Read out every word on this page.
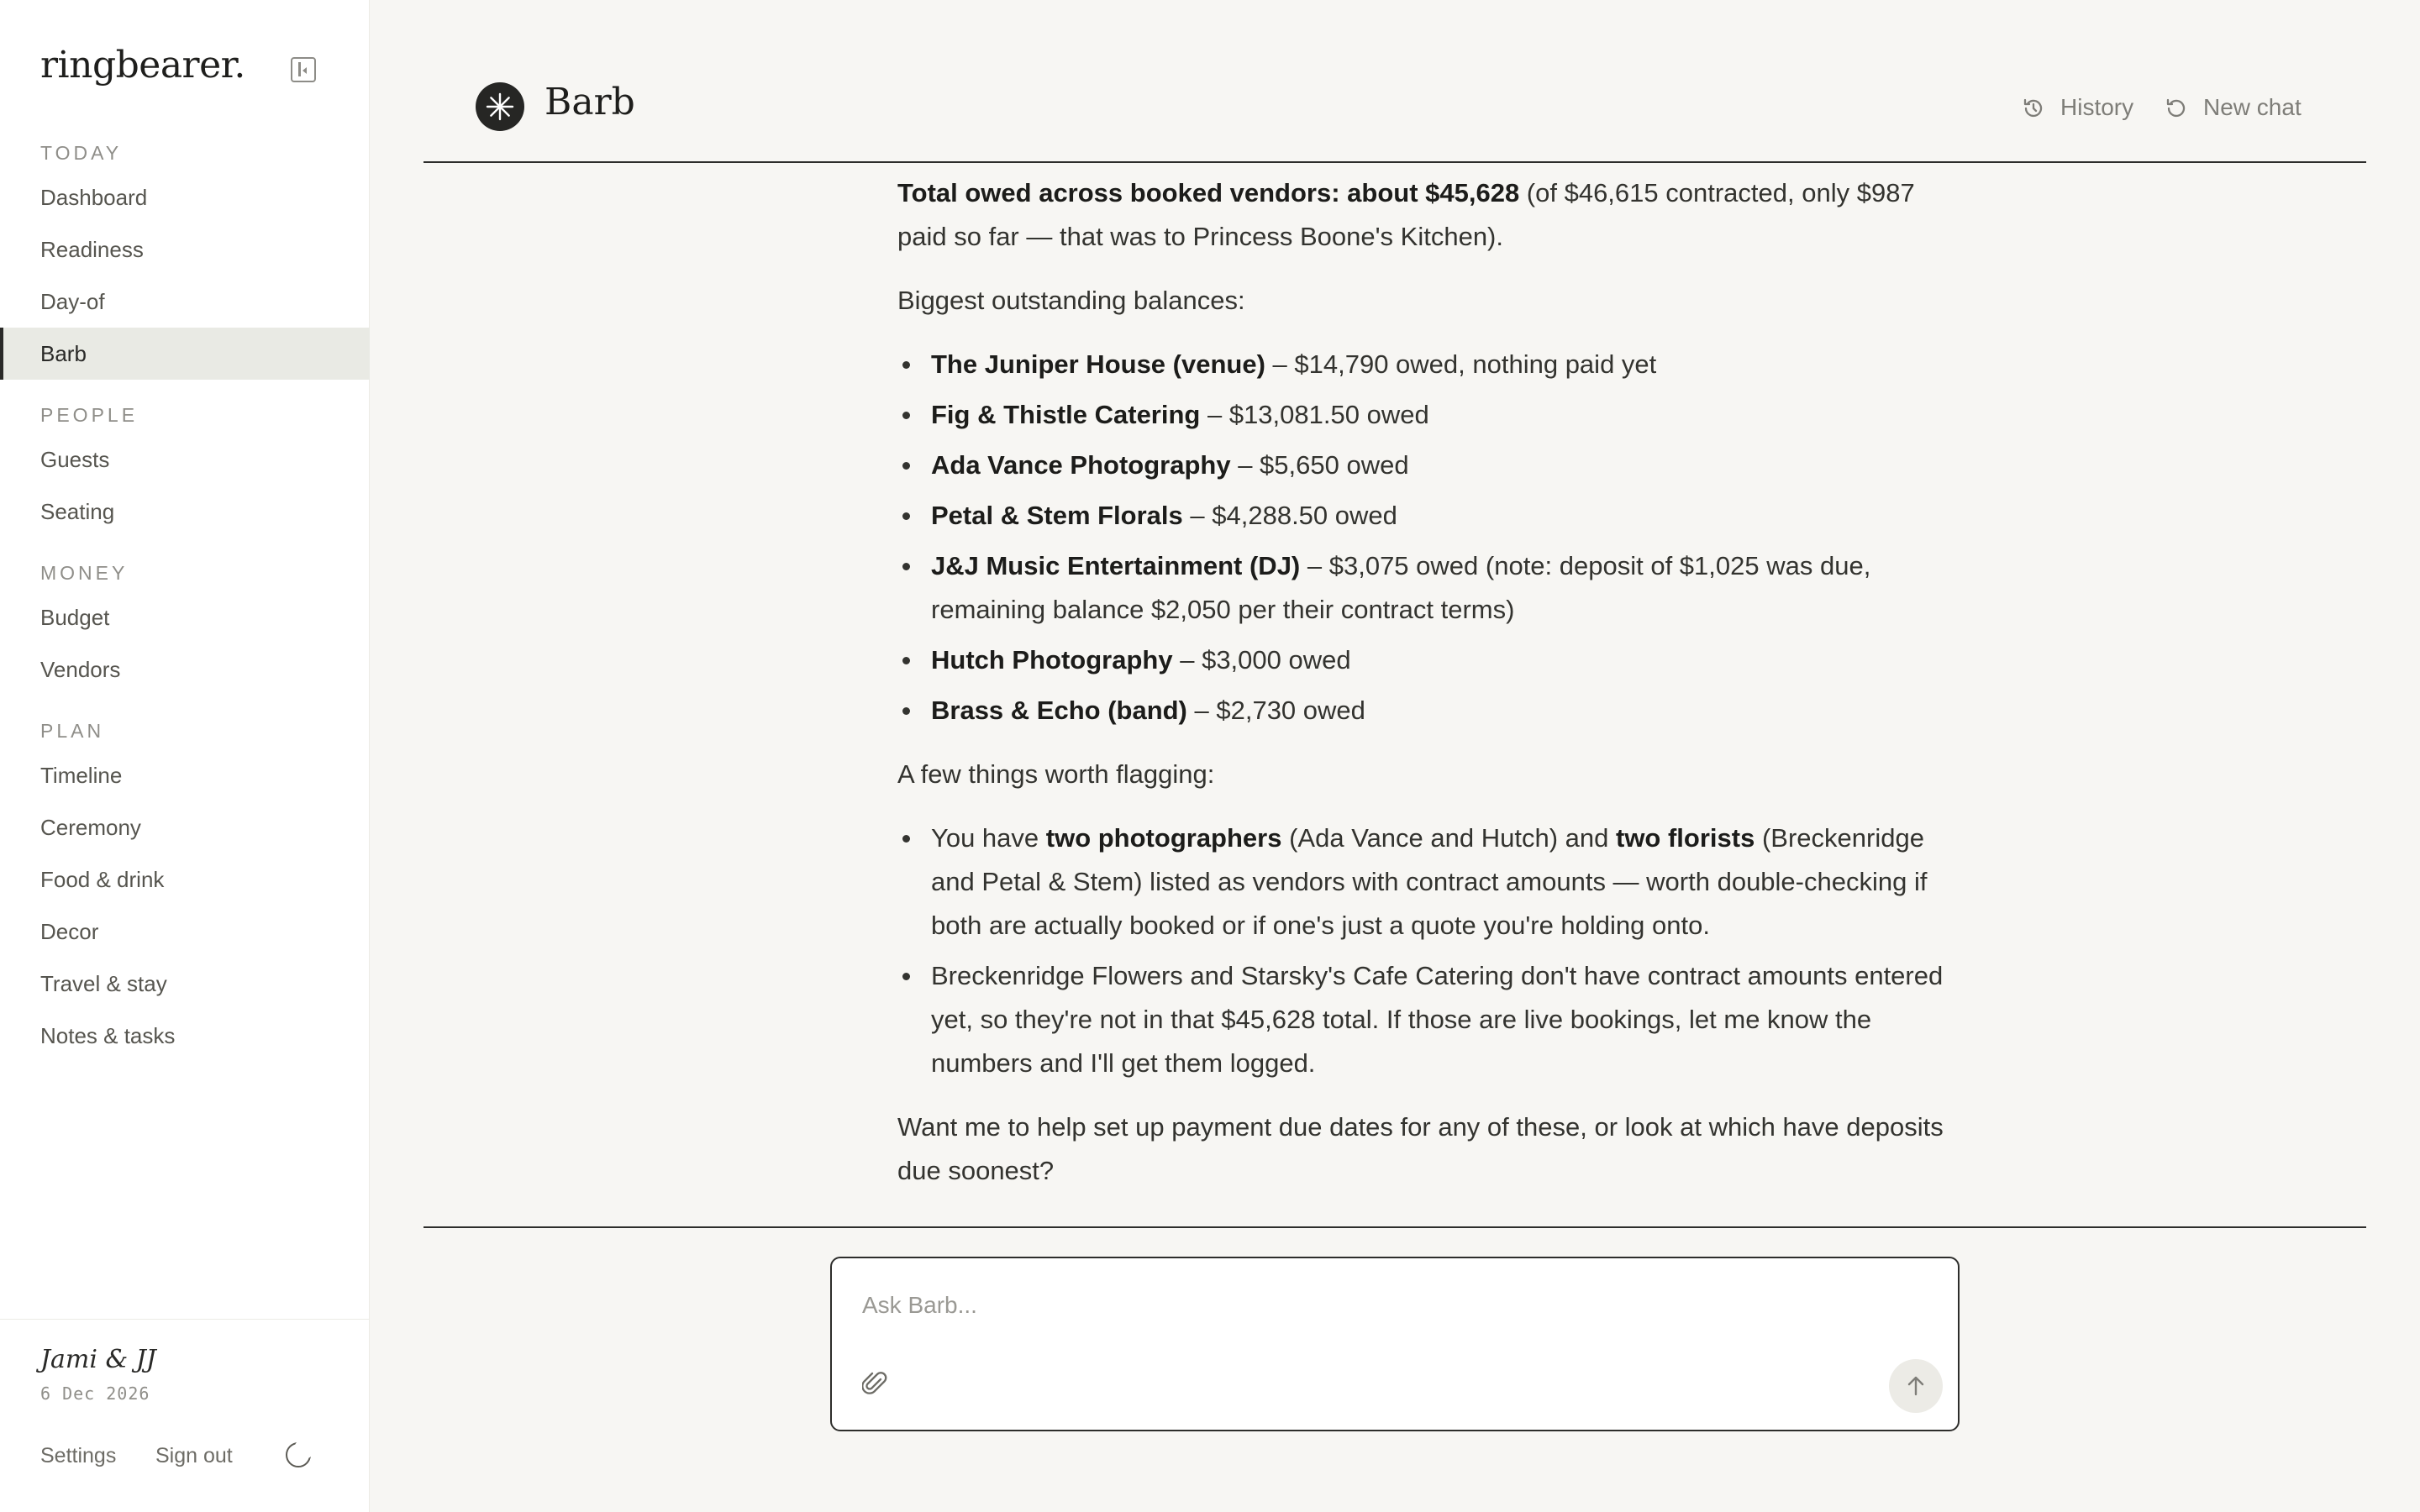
ringbearer.
TODAY
Dashboard
Readiness
Day-of
Barb
PEOPLE
Guests
Seating
MONEY
Budget
Vendors
PLAN
Timeline
Ceremony
Food & drink
Decor
Travel & stay
Notes & tasks
Jami & JJ
6 Dec 2026
Settings Sign out
Barb	History	New chat

Total owed across booked vendors: about $45,628 (of $46,615 contracted, only $987 paid so far — that was to Princess Boone's Kitchen).

Biggest outstanding balances:

The Juniper House (venue) – $14,790 owed, nothing paid yet
Fig & Thistle Catering – $13,081.50 owed
Ada Vance Photography – $5,650 owed
Petal & Stem Florals – $4,288.50 owed
J&J Music Entertainment (DJ) – $3,075 owed (note: deposit of $1,025 was due, remaining balance $2,050 per their contract terms)
Hutch Photography – $3,000 owed
Brass & Echo (band) – $2,730 owed

A few things worth flagging:

You have two photographers (Ada Vance and Hutch) and two florists (Breckenridge and Petal & Stem) listed as vendors with contract amounts — worth double-checking if both are actually booked or if one's just a quote you're holding onto.
Breckenridge Flowers and Starsky's Cafe Catering don't have contract amounts entered yet, so they're not in that $45,628 total. If those are live bookings, let me know the numbers and I'll get them logged.

Want me to help set up payment due dates for any of these, or look at which have deposits due soonest?

Ask Barb...
